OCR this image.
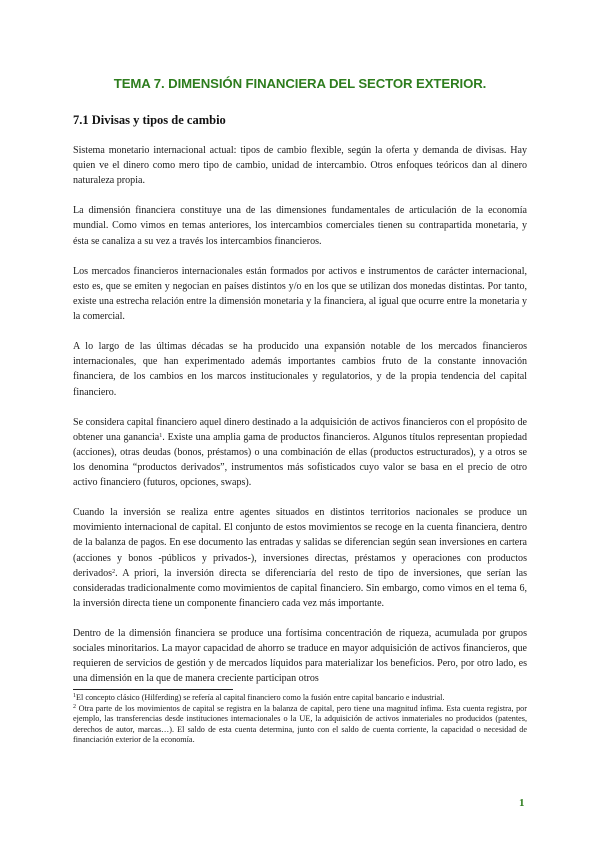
TEMA 7. DIMENSIÓN FINANCIERA DEL SECTOR EXTERIOR.
7.1 Divisas y tipos de cambio

Sistema monetario internacional actual: tipos de cambio flexible, según la oferta y demanda de divisas. Hay quien ve el dinero como mero tipo de cambio, unidad de intercambio. Otros enfoques teóricos dan al dinero naturaleza propia.

La dimensión financiera constituye una de las dimensiones fundamentales de articulación de la economía mundial. Como vimos en temas anteriores, los intercambios comerciales tienen su contrapartida monetaria, y ésta se canaliza a su vez a través los intercambios financieros.

Los mercados financieros internacionales están formados por activos e instrumentos de carácter internacional, esto es, que se emiten y negocian en países distintos y/o en los que se utilizan dos monedas distintas. Por tanto, existe una estrecha relación entre la dimensión monetaria y la financiera, al igual que ocurre entre la monetaria y la comercial.

A lo largo de las últimas décadas se ha producido una expansión notable de los mercados financieros internacionales, que han experimentado además importantes cambios fruto de la constante innovación financiera, de los cambios en los marcos institucionales y regulatorios, y de la propia tendencia del capital financiero.

Se considera capital financiero aquel dinero destinado a la adquisición de activos financieros con el propósito de obtener una ganancia$^1$. Existe una amplia gama de productos financieros. Algunos títulos representan propiedad (acciones), otras deudas (bonos, préstamos) o una combinación de ellas (productos estructurados), y a otros se los denomina “productos derivados”, instrumentos más sofisticados cuyo valor se basa en el precio de otro activo financiero (futuros, opciones, swaps).

Cuando la inversión se realiza entre agentes situados en distintos territorios nacionales se produce un movimiento internacional de capital. El conjunto de estos movimientos se recoge en la cuenta financiera, dentro de la balanza de pagos. En ese documento las entradas y salidas se diferencian según sean inversiones en cartera (acciones y bonos -públicos y privados-), inversiones directas, préstamos y operaciones con productos derivados$^2$. A priori, la inversión directa se diferenciaría del resto de tipo de inversiones, que serían las consideradas tradicionalmente como movimientos de capital financiero. Sin embargo, como vimos en el tema 6, la inversión directa tiene un componente financiero cada vez más importante.

Dentro de la dimensión financiera se produce una fortísima concentración de riqueza, acumulada por grupos sociales minoritarios. La mayor capacidad de ahorro se traduce en mayor adquisición de activos financieros, que requieren de servicios de gestión y de mercados líquidos para materializar los beneficios. Pero, por otro lado, es una dimensión en la que de manera creciente participan otros

$^1$El concepto clásico (Hilferding) se refería al capital financiero como la fusión entre capital bancario e industrial.

$^2$ Otra parte de los movimientos de capital se registra en la balanza de capital, pero tiene una magnitud ínfima. Esta cuenta registra, por ejemplo, las transferencias desde instituciones internacionales o la UE, la adquisición de activos inmateriales no producidos (patentes, derechos de autor, marcas…). El saldo de esta cuenta determina, junto con el saldo de cuenta corriente, la capacidad o necesidad de financiación exterior de la economía.

1
